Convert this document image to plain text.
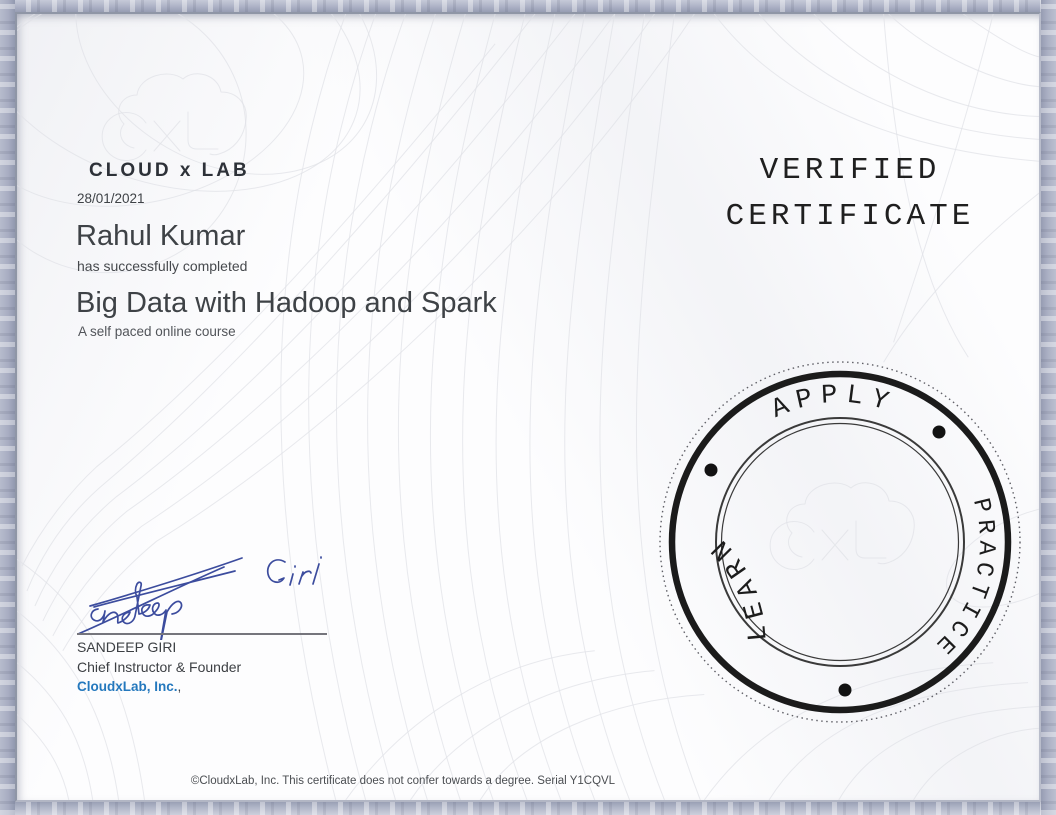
CLOUD x LAB
28/01/2021
Rahul Kumar
has successfully completed
Big Data with Hadoop and Spark
A self paced online course
VERIFIED
CERTIFICATE
APPLY
PRACTICE
LEARN
SANDEEP GIRI
Chief Instructor & Founder
CloudxLab, Inc.,
©CloudxLab, Inc. This certificate does not confer towards a degree. Serial Y1CQVL
